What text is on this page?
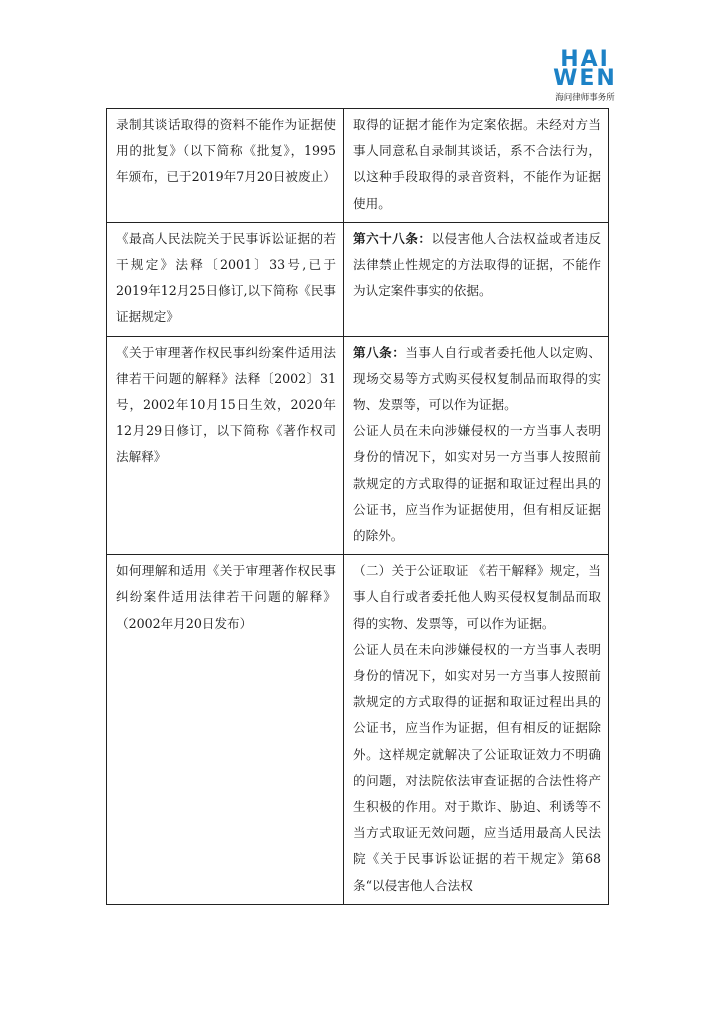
HAI
WEN
海问律师事务所
录制其谈话取得的资料不能作为证据使用的批复》（以下简称《批复》，1995年颁布，已于2019年7月20日被废止）	取得的证据才能作为定案依据。未经对方当事人同意私自录制其谈话，系不合法行为，以这种手段取得的录音资料，不能作为证据使用。

《最高人民法院关于民事诉讼证据的若干规定》法释〔2001〕33号,已于2019年12月25日修订,以下简称《民事证据规定》	第六十八条：以侵害他人合法权益或者违反法律禁止性规定的方法取得的证据，不能作为认定案件事实的依据。

《关于审理著作权民事纠纷案件适用法律若干问题的解释》法释〔2002〕31号，2002年10月15日生效，2020年12月29日修订，以下简称《著作权司法解释》	第八条：当事人自行或者委托他人以定购、现场交易等方式购买侵权复制品而取得的实物、发票等，可以作为证据。

公证人员在未向涉嫌侵权的一方当事人表明身份的情况下，如实对另一方当事人按照前款规定的方式取得的证据和取证过程出具的公证书，应当作为证据使用，但有相反证据的除外。

如何理解和适用《关于审理著作权民事纠纷案件适用法律若干问题的解释》（2002年月20日发布）	（二）关于公证取证 《若干解释》规定，当事人自行或者委托他人购买侵权复制品而取得的实物、发票等，可以作为证据。

公证人员在未向涉嫌侵权的一方当事人表明身份的情况下，如实对另一方当事人按照前款规定的方式取得的证据和取证过程出具的公证书，应当作为证据，但有相反的证据除外。这样规定就解决了公证取证效力不明确的问题，对法院依法审查证据的合法性将产生积极的作用。对于欺诈、胁迫、利诱等不当方式取证无效问题，应当适用最高人民法院《关于民事诉讼证据的若干规定》第68条“以侵害他人合法权
